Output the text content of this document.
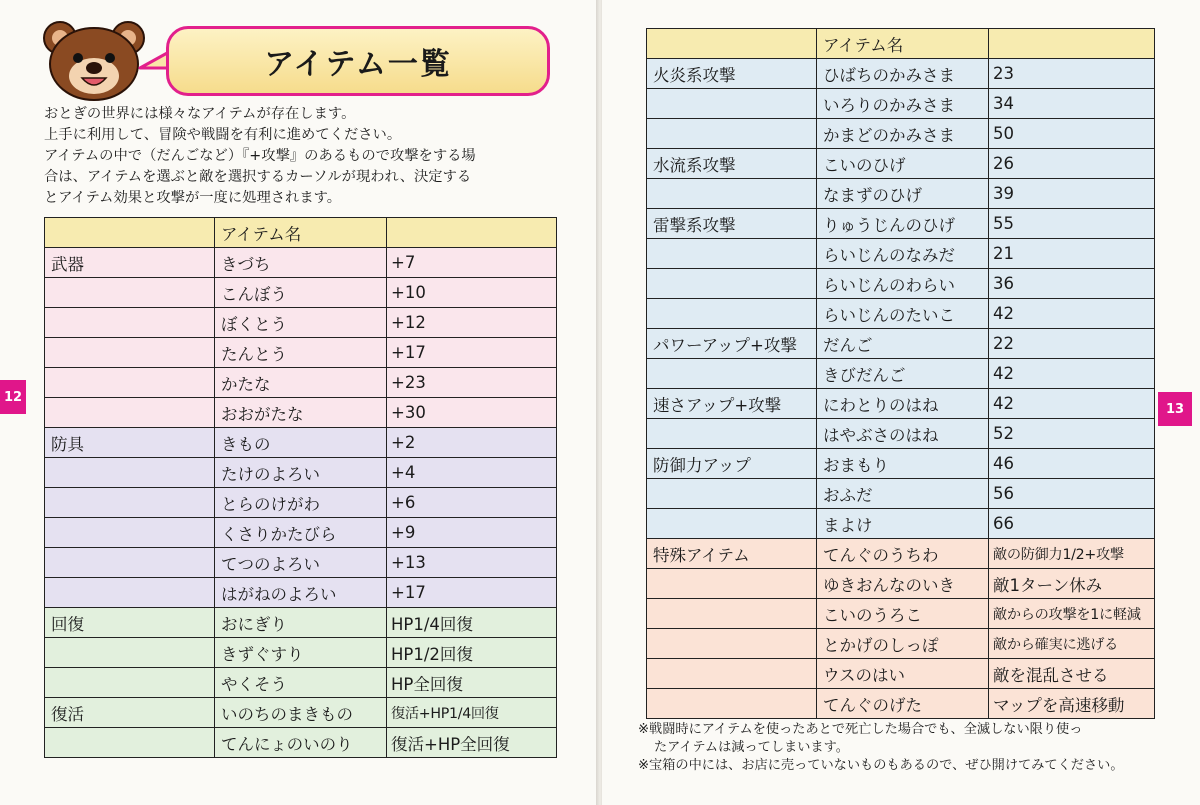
アイテム一覧

おとぎの世界には様々なアイテムが存在します。

上手に利用して、冒険や戦闘を有利に進めてください。

アイテムの中で（だんごなど）『+攻撃』のあるもので攻撃をする場

合は、アイテムを選ぶと敵を選択するカーソルが現われ、決定する

とアイテム効果と攻撃が一度に処理されます。

	アイテム名	
武器	きづち	+7
	こんぼう	+10
	ぼくとう	+12
	たんとう	+17
	かたな	+23
	おおがたな	+30
防具	きもの	+2
	たけのよろい	+4
	とらのけがわ	+6
	くさりかたびら	+9
	てつのよろい	+13
	はがねのよろい	+17
回復	おにぎり	HP1/4回復
	きずぐすり	HP1/2回復
	やくそう	HP全回復
復活	いのちのまきもの	復活+HP1/4回復
	てんにょのいのり	復活+HP全回復
12
	アイテム名	
火炎系攻撃	ひばちのかみさま	23
	いろりのかみさま	34
	かまどのかみさま	50
水流系攻撃	こいのひげ	26
	なまずのひげ	39
雷撃系攻撃	りゅうじんのひげ	55
	らいじんのなみだ	21
	らいじんのわらい	36
	らいじんのたいこ	42
パワーアップ+攻撃	だんご	22
	きびだんご	42
速さアップ+攻撃	にわとりのはね	42
	はやぶさのはね	52
防御力アップ	おまもり	46
	おふだ	56
	まよけ	66
特殊アイテム	てんぐのうちわ	敵の防御力1/2+攻撃
	ゆきおんなのいき	敵1ターン休み
	こいのうろこ	敵からの攻撃を1に軽減
	とかげのしっぽ	敵から確実に逃げる
	ウスのはい	敵を混乱させる
	てんぐのげた	マップを高速移動
13

※戦闘時にアイテムを使ったあとで死亡した場合でも、全滅しない限り使っ

たアイテムは減ってしまいます。

※宝箱の中には、お店に売っていないものもあるので、ぜひ開けてみてください。
